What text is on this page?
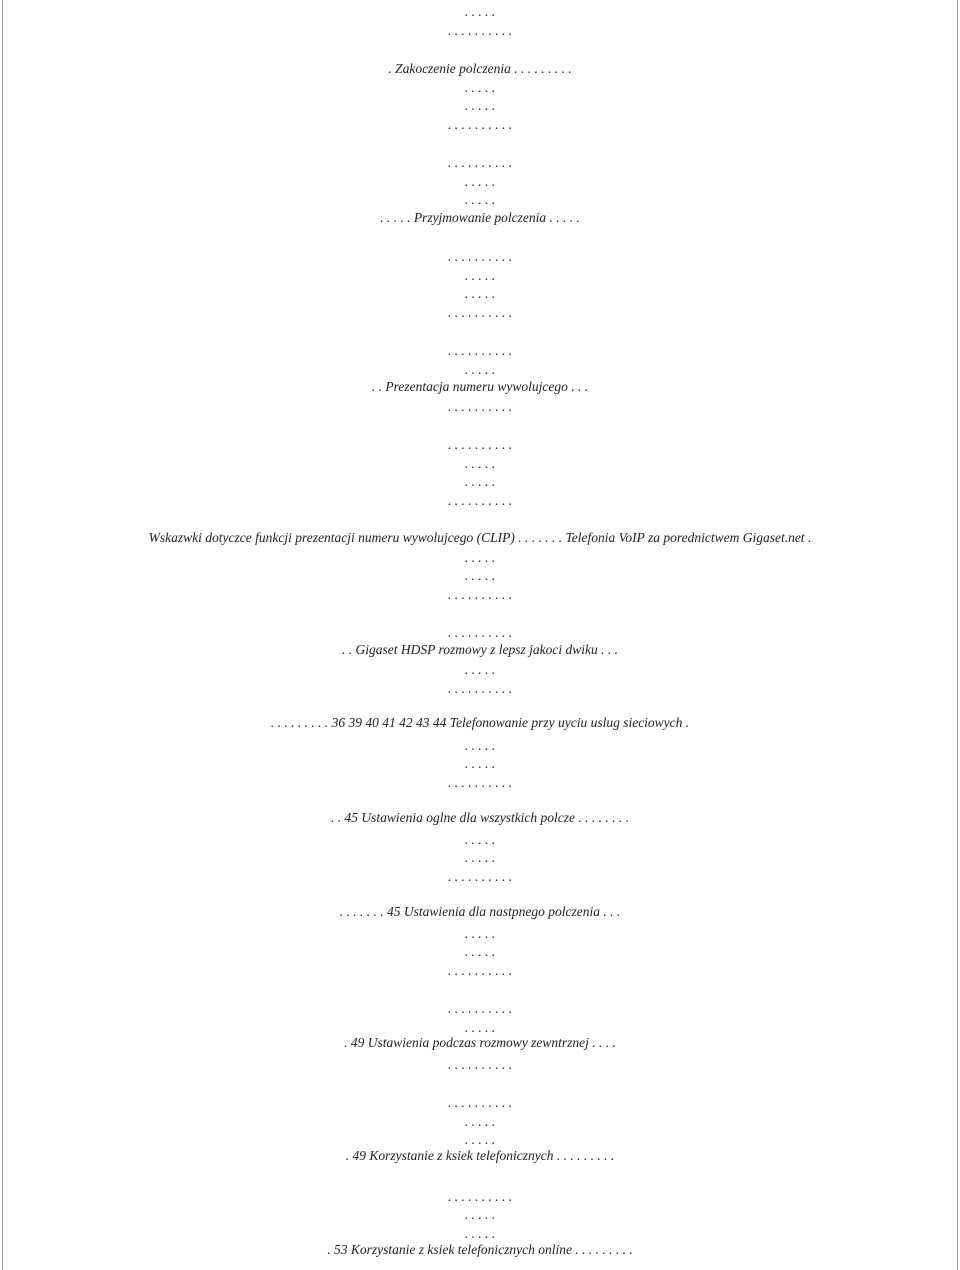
. . . . .
. . . . . . . . . .
. Zakoczenie polczenia . . . . . . . . .
. . . . .
. . . . .
. . . . . . . . . .
. . . . . . . . . .
. . . . .
. . . . .
. . . . . Przyjmowanie polczenia . . . . .
. . . . . . . . . .
. . . . .
. . . . .
. . . . . . . . . .
. . . . . . . . . .
. . . . .
. . Prezentacja numeru wywolujcego . . .
. . . . . . . . . .
. . . . . . . . . .
. . . . .
. . . . .
. . . . . . . . . .
Wskazwki dotyczce funkcji prezentacji numeru wywolujcego (CLIP) . . . . . . . Telefonia VoIP za porednictwem Gigaset.net .
. . . . .
. . . . .
. . . . . . . . . .
. . . . . . . . . .
. . Gigaset HDSP rozmowy z lepsz jakoci dwiku . . .
. . . . .
. . . . . . . . . .
. . . . . . . . . 36 39 40 41 42 43 44 Telefonowanie przy uyciu uslug sieciowych .
. . . . .
. . . . .
. . . . . . . . . .
. . 45 Ustawienia oglne dla wszystkich polcze . . . . . . . .
. . . . .
. . . . .
. . . . . . . . . .
. . . . . . . 45 Ustawienia dla nastpnego polczenia . . .
. . . . .
. . . . .
. . . . . . . . . .
. . . . . . . . . .
. . . . .
. 49 Ustawienia podczas rozmowy zewntrznej . . . .
. . . . . . . . . .
. . . . . . . . . .
. . . . .
. . . . .
. 49 Korzystanie z ksiek telefonicznych . . . . . . . . .
. . . . . . . . . .
. . . . .
. . . . .
. 53 Korzystanie z ksiek telefonicznych online . . . . . . . . .
